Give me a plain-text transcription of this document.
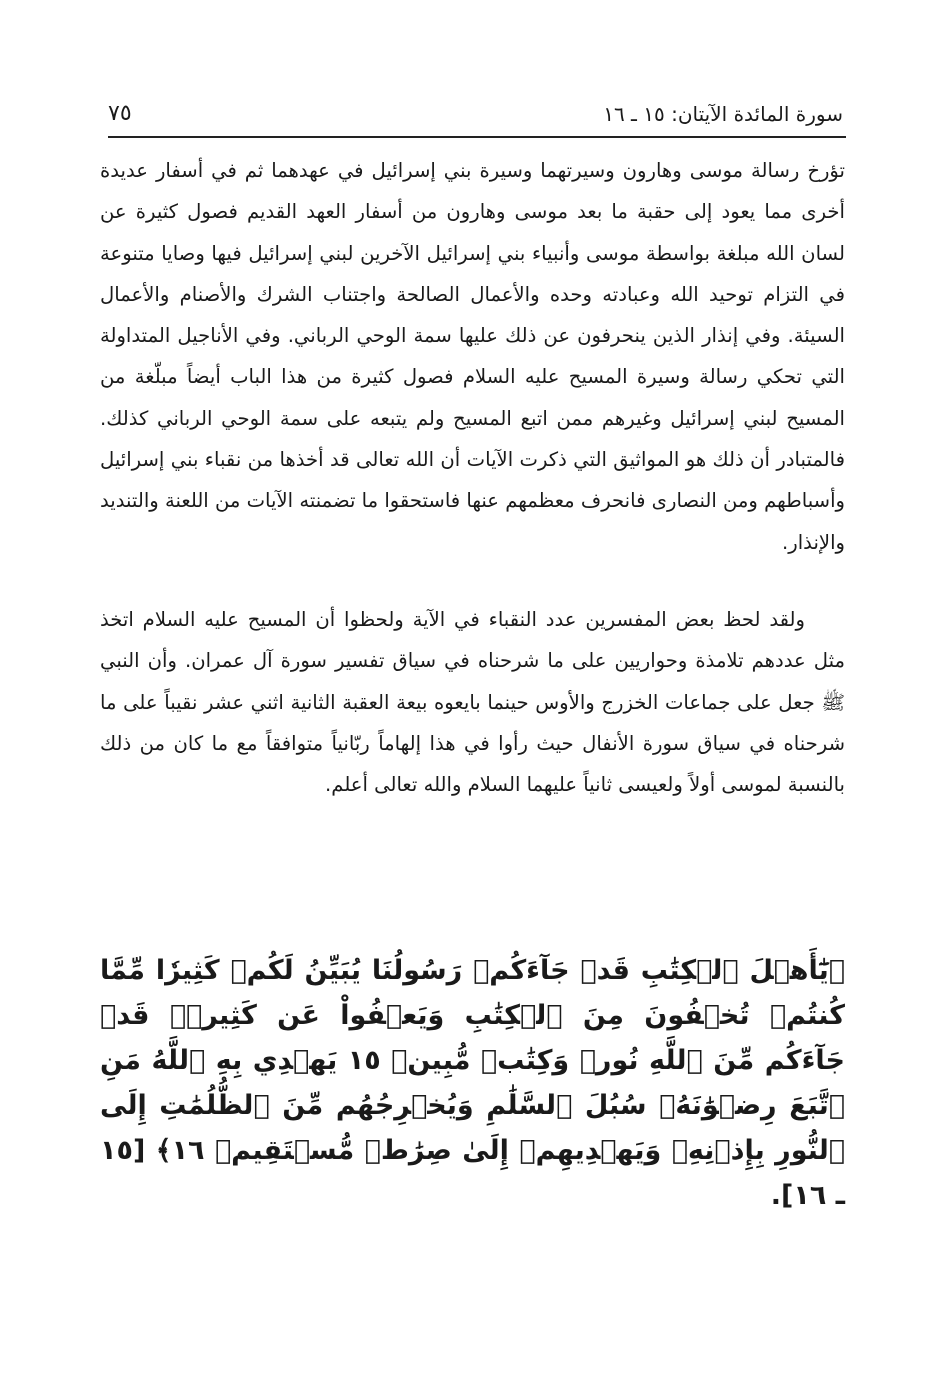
سورة المائدة الآيتان: ١٥ ـ ١٦
٧٥

تؤرخ رسالة موسى وهارون وسيرتهما وسيرة بني إسرائيل في عهدهما ثم في أسفار عديدة أخرى مما يعود إلى حقبة ما بعد موسى وهارون من أسفار العهد القديم فصول كثيرة عن لسان الله مبلغة بواسطة موسى وأنبياء بني إسرائيل الآخرين لبني إسرائيل فيها وصايا متنوعة في التزام توحيد الله وعبادته وحده والأعمال الصالحة واجتناب الشرك والأصنام والأعمال السيئة. وفي إنذار الذين ينحرفون عن ذلك عليها سمة الوحي الرباني. وفي الأناجيل المتداولة التي تحكي رسالة وسيرة المسيح عليه السلام فصول كثيرة من هذا الباب أيضاً مبلّغة من المسيح لبني إسرائيل وغيرهم ممن اتبع المسيح ولم يتبعه على سمة الوحي الرباني كذلك. فالمتبادر أن ذلك هو المواثيق التي ذكرت الآيات أن الله تعالى قد أخذها من نقباء بني إسرائيل وأسباطهم ومن النصارى فانحرف معظمهم عنها فاستحقوا ما تضمنته الآيات من اللعنة والتنديد والإنذار.

ولقد لحظ بعض المفسرين عدد النقباء في الآية ولحظوا أن المسيح عليه السلام اتخذ مثل عددهم تلامذة وحواريين على ما شرحناه في سياق تفسير سورة آل عمران. وأن النبي ﷺ جعل على جماعات الخزرج والأوس حينما بايعوه بيعة العقبة الثانية اثني عشر نقيباً على ما شرحناه في سياق سورة الأنفال حيث رأوا في هذا إلهاماً ربّانياً متوافقاً مع ما كان من ذلك بالنسبة لموسى أولاً ولعيسى ثانياً عليهما السلام والله تعالى أعلم.

﴿يَٰٓأَهۡلَ ٱلۡكِتَٰبِ قَدۡ جَآءَكُمۡ رَسُولُنَا يُبَيِّنُ لَكُمۡ كَثِيرٗا مِّمَّا كُنتُمۡ تُخۡفُونَ مِنَ ٱلۡكِتَٰبِ وَيَعۡفُواْ عَن كَثِيرٖۚ قَدۡ جَآءَكُم مِّنَ ٱللَّهِ نُورٞ وَكِتَٰبٞ مُّبِينٞ ١٥ يَهۡدِي بِهِ ٱللَّهُ مَنِ ٱتَّبَعَ رِضۡوَٰنَهُۥ سُبُلَ ٱلسَّلَٰمِ وَيُخۡرِجُهُم مِّنَ ٱلظُّلُمَٰتِ إِلَى ٱلنُّورِ بِإِذۡنِهِۦ وَيَهۡدِيهِمۡ إِلَىٰ صِرَٰطٖ مُّسۡتَقِيمٖ ١٦﴾ [١٥ ـ ١٦].
